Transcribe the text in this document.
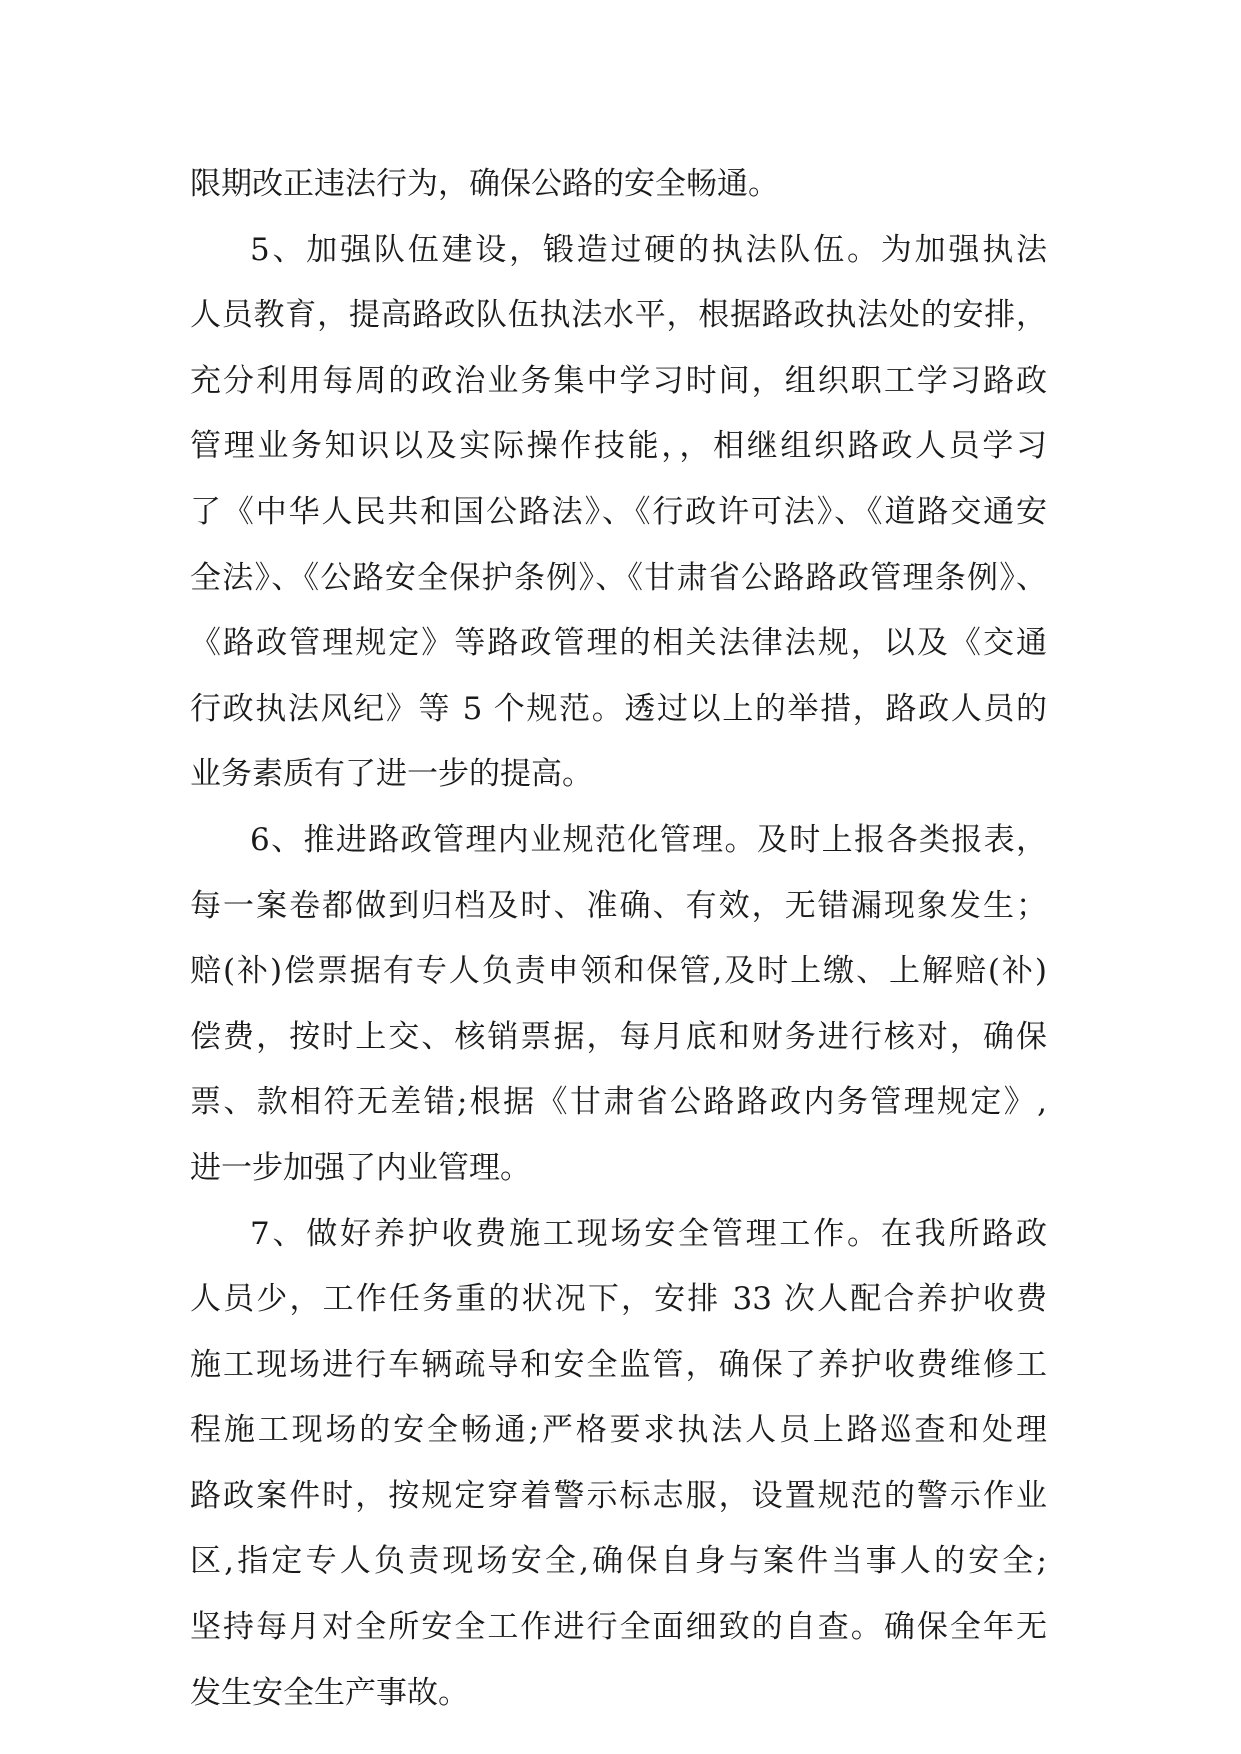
限期改正违法行为，确保公路的安全畅通。
5、加强队伍建设，锻造过硬的执法队伍。为加强执法
人员教育，提高路政队伍执法水平，根据路政执法处的安排，
充分利用每周的政治业务集中学习时间，组织职工学习路政
管理业务知识以及实际操作技能，，相继组织路政人员学习
了《中华人民共和国公路法》、《行政许可法》、《道路交通安
全法》、《公路安全保护条例》、《甘肃省公路路政管理条例》、
《路政管理规定》等路政管理的相关法律法规，以及《交通
行政执法风纪》等 5 个规范。透过以上的举措，路政人员的
业务素质有了进一步的提高。
6、推进路政管理内业规范化管理。及时上报各类报表，
每一案卷都做到归档及时、准确、有效，无错漏现象发生；
赔(补)偿票据有专人负责申领和保管,及时上缴、上解赔(补)
偿费，按时上交、核销票据，每月底和财务进行核对，确保
票、款相符无差错;根据《甘肃省公路路政内务管理规定》,
进一步加强了内业管理。
7、做好养护收费施工现场安全管理工作。在我所路政
人员少，工作任务重的状况下，安排 33 次人配合养护收费
施工现场进行车辆疏导和安全监管，确保了养护收费维修工
程施工现场的安全畅通;严格要求执法人员上路巡查和处理
路政案件时，按规定穿着警示标志服，设置规范的警示作业
区,指定专人负责现场安全,确保自身与案件当事人的安全;
坚持每月对全所安全工作进行全面细致的自查。确保全年无
发生安全生产事故。
